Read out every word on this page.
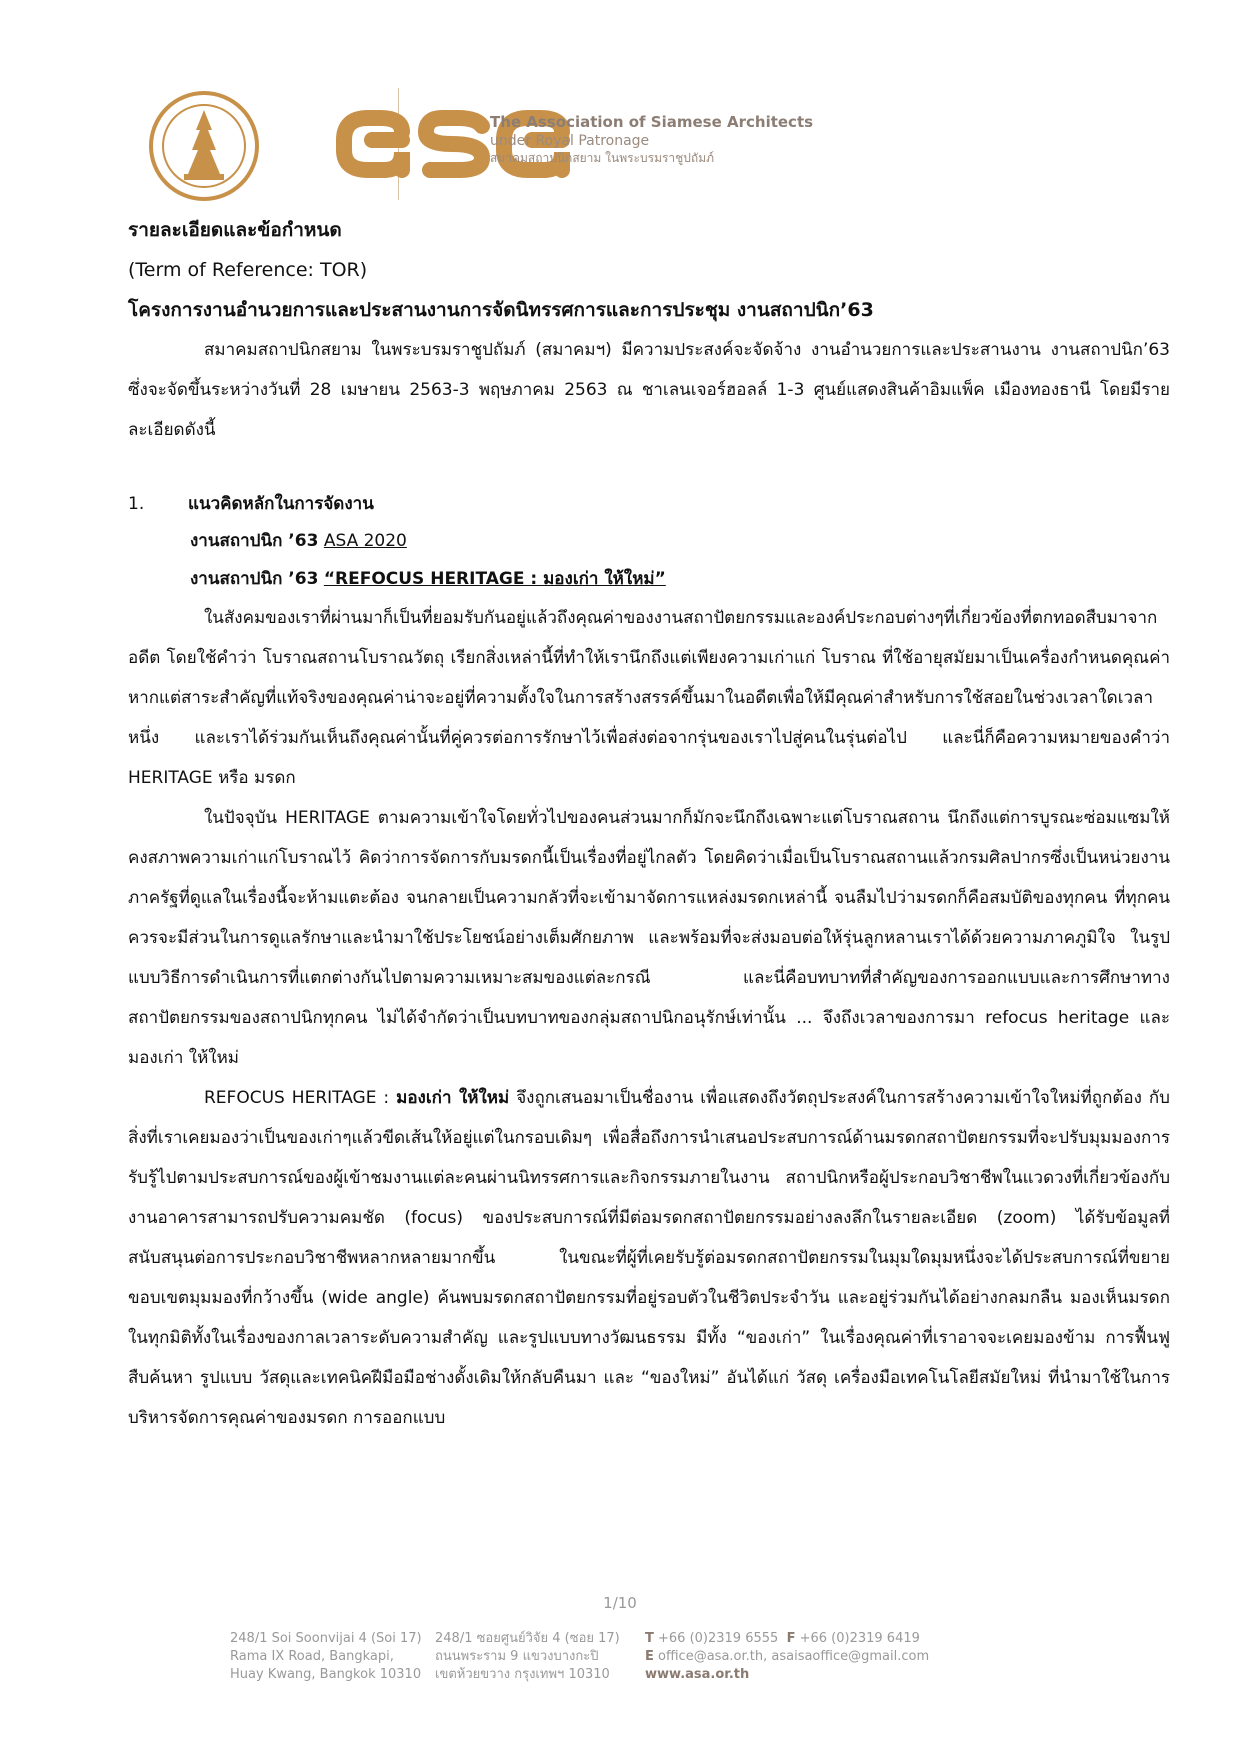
The Association of Siamese Architects
under Royal Patronage
สมาคมสถาปนิกสยาม ในพระบรมราชูปถัมภ์
รายละเอียดและข้อกำหนด
(Term of Reference: TOR)
โครงการงานอำนวยการและประสานงานการจัดนิทรรศการและการประชุม งานสถาปนิก’63

สมาคมสถาปนิกสยาม ในพระบรมราชูปถัมภ์ (สมาคมฯ) มีความประสงค์จะจัดจ้าง งานอำนวยการและประสานงาน งานสถาปนิก’63 ซึ่งจะจัดขึ้นระหว่างวันที่ 28 เมษายน 2563-3 พฤษภาคม 2563 ณ ชาเลนเจอร์ฮอลล์ 1-3 ศูนย์แสดงสินค้าอิมแพ็ค เมืองทองธานี โดยมีรายละเอียดดังนี้

1.	แนวคิดหลักในการจัดงาน
งานสถาปนิก ’63 ASA 2020
งานสถาปนิก ’63 “REFOCUS HERITAGE : มองเก่า ให้ใหม่”

ในสังคมของเราที่ผ่านมาก็เป็นที่ยอมรับกันอยู่แล้วถึงคุณค่าของงานสถาปัตยกรรมและองค์ประกอบต่างๆที่เกี่ยวข้องที่ตกทอดสืบมาจากอดีต โดยใช้คำว่า โบราณสถานโบราณวัตถุ เรียกสิ่งเหล่านี้ที่ทำให้เรานึกถึงแต่เพียงความเก่าแก่ โบราณ ที่ใช้อายุสมัยมาเป็นเครื่องกำหนดคุณค่า หากแต่สาระสำคัญที่แท้จริงของคุณค่าน่าจะอยู่ที่ความตั้งใจในการสร้างสรรค์ขึ้นมาในอดีตเพื่อให้มีคุณค่าสำหรับการใช้สอยในช่วงเวลาใดเวลาหนึ่ง และเราได้ร่วมกันเห็นถึงคุณค่านั้นที่คู่ควรต่อการรักษาไว้เพื่อส่งต่อจากรุ่นของเราไปสู่คนในรุ่นต่อไป และนี่ก็คือความหมายของคำว่า HERITAGE หรือ มรดก

ในปัจจุบัน HERITAGE ตามความเข้าใจโดยทั่วไปของคนส่วนมากก็มักจะนึกถึงเฉพาะแต่โบราณสถาน นึกถึงแต่การบูรณะซ่อมแซมให้คงสภาพความเก่าแก่โบราณไว้ คิดว่าการจัดการกับมรดกนี้เป็นเรื่องที่อยู่ไกลตัว โดยคิดว่าเมื่อเป็นโบราณสถานแล้วกรมศิลปากรซึ่งเป็นหน่วยงานภาครัฐที่ดูแลในเรื่องนี้จะห้ามแตะต้อง จนกลายเป็นความกลัวที่จะเข้ามาจัดการแหล่งมรดกเหล่านี้ จนลืมไปว่ามรดกก็คือสมบัติของทุกคน ที่ทุกคนควรจะมีส่วนในการดูแลรักษาและนำมาใช้ประโยชน์อย่างเต็มศักยภาพ และพร้อมที่จะส่งมอบต่อให้รุ่นลูกหลานเราได้ด้วยความภาคภูมิใจ ในรูปแบบวิธีการดำเนินการที่แตกต่างกันไปตามความเหมาะสมของแต่ละกรณี และนี่คือบทบาทที่สำคัญของการออกแบบและการศึกษาทางสถาปัตยกรรมของสถาปนิกทุกคน ไม่ได้จำกัดว่าเป็นบทบาทของกลุ่มสถาปนิกอนุรักษ์เท่านั้น ... จึงถึงเวลาของการมา refocus heritage และมองเก่า ให้ใหม่

REFOCUS HERITAGE : มองเก่า ให้ใหม่ จึงถูกเสนอมาเป็นชื่องาน เพื่อแสดงถึงวัตถุประสงค์ในการสร้างความเข้าใจใหม่ที่ถูกต้อง กับสิ่งที่เราเคยมองว่าเป็นของเก่าๆแล้วขีดเส้นให้อยู่แต่ในกรอบเดิมๆ เพื่อสื่อถึงการนำเสนอประสบการณ์ด้านมรดกสถาปัตยกรรมที่จะปรับมุมมองการรับรู้ไปตามประสบการณ์ของผู้เข้าชมงานแต่ละคนผ่านนิทรรศการและกิจกรรมภายในงาน สถาปนิกหรือผู้ประกอบวิชาชีพในแวดวงที่เกี่ยวข้องกับงานอาคารสามารถปรับความคมชัด (focus) ของประสบการณ์ที่มีต่อมรดกสถาปัตยกรรมอย่างลงลึกในรายละเอียด (zoom) ได้รับข้อมูลที่สนับสนุนต่อการประกอบวิชาชีพหลากหลายมากขึ้น ในขณะที่ผู้ที่เคยรับรู้ต่อมรดกสถาปัตยกรรมในมุมใดมุมหนึ่งจะได้ประสบการณ์ที่ขยายขอบเขตมุมมองที่กว้างขึ้น (wide angle) ค้นพบมรดกสถาปัตยกรรมที่อยู่รอบตัวในชีวิตประจำวัน และอยู่ร่วมกันได้อย่างกลมกลืน มองเห็นมรดกในทุกมิติทั้งในเรื่องของกาลเวลาระดับความสำคัญ และรูปแบบทางวัฒนธรรม มีทั้ง “ของเก่า” ในเรื่องคุณค่าที่เราอาจจะเคยมองข้าม การฟื้นฟูสืบค้นหา รูปแบบ วัสดุและเทคนิคฝีมือมือช่างดั้งเดิมให้กลับคืนมา และ “ของใหม่” อันได้แก่ วัสดุ เครื่องมือเทคโนโลยีสมัยใหม่ ที่นำมาใช้ในการบริหารจัดการคุณค่าของมรดก การออกแบบ

1/10
248/1 Soi Soonvijai 4 (Soi 17)
Rama IX Road, Bangkapi,
Huay Kwang, Bangkok 10310
248/1 ซอยศูนย์วิจัย 4 (ซอย 17)
ถนนพระราม 9 แขวงบางกะปิ
เขตห้วยขวาง กรุงเทพฯ 10310
T +66 (0)2319 6555 F +66 (0)2319 6419
E office@asa.or.th, asaisaoffice@gmail.com
www.asa.or.th
